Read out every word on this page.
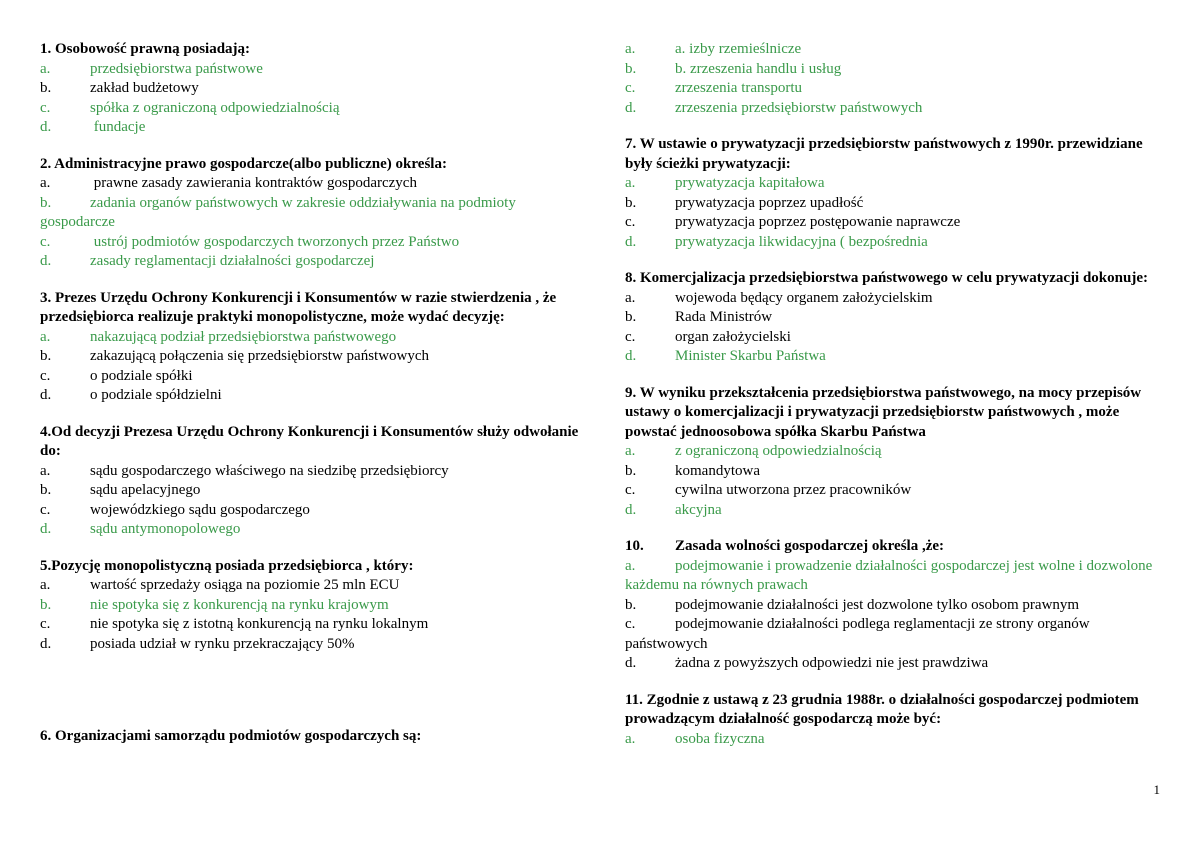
1. Osobowość prawną posiadają:
a.	przedsiębiorstwa państwowe
b.	zakład budżetowy
c.	spółka z ograniczoną odpowiedzialnością
d.	fundacje
2. Administracyjne prawo gospodarcze(albo publiczne) określa:
a.	prawne zasady zawierania kontraktów gospodarczych
b.	zadania organów państwowych w zakresie oddziaływania na podmioty gospodarcze
c.	ustrój podmiotów gospodarczych tworzonych przez Państwo
d.	zasady reglamentacji działalności gospodarczej
3. Prezes Urzędu Ochrony Konkurencji i Konsumentów w razie stwierdzenia , że przedsiębiorca realizuje praktyki monopolistyczne, może wydać decyzję:
a.	nakazującą podział przedsiębiorstwa państwowego
b.	zakazującą połączenia się przedsiębiorstw państwowych
c.	o podziale spółki
d.	o podziale spółdzielni
4.Od decyzji Prezesa Urzędu Ochrony Konkurencji i Konsumentów służy odwołanie do:
a.	sądu gospodarczego właściwego na siedzibę przedsiębiorcy
b.	sądu apelacyjnego
c.	wojewódzkiego sądu gospodarczego
d.	sądu antymonopolowego
5.Pozycję monopolistyczną posiada przedsiębiorca , który:
a.	wartość sprzedaży osiąga na poziomie 25 mln ECU
b.	nie spotyka się z konkurencją na rynku krajowym
c.	nie spotyka się z istotną konkurencją na rynku lokalnym
d.	posiada udział w rynku przekraczający 50%
6. Organizacjami samorządu podmiotów gospodarczych są:
a.	a. izby rzemieślnicze
b.	b. zrzeszenia handlu i usług
c.	zrzeszenia transportu
d.	zrzeszenia przedsiębiorstw państwowych
7. W ustawie o prywatyzacji przedsiębiorstw państwowych z 1990r. przewidziane były ścieżki prywatyzacji:
a.	prywatyzacja kapitałowa
b.	prywatyzacja poprzez upadłość
c.	prywatyzacja poprzez postępowanie naprawcze
d.	prywatyzacja likwidacyjna ( bezpośrednia
8. Komercjalizacja przedsiębiorstwa państwowego w celu prywatyzacji dokonuje:
a.	wojewoda będący organem założycielskim
b.	Rada Ministrów
c.	organ założycielski
d.	Minister Skarbu Państwa
9. W wyniku przekształcenia przedsiębiorstwa państwowego, na mocy przepisów ustawy o komercjalizacji i prywatyzacji przedsiębiorstw państwowych , może powstać jednoosobowa spółka Skarbu Państwa
a.	z ograniczoną odpowiedzialnością
b.	komandytowa
c.	cywilna utworzona przez pracowników
d.	akcyjna
10. Zasada wolności gospodarczej określa ,że:
a.	podejmowanie i prowadzenie działalności gospodarczej jest wolne i dozwolone każdemu na równych prawach
b.	podejmowanie działalności jest dozwolone tylko osobom prawnym
c.	podejmowanie działalności podlega reglamentacji ze strony organów państwowych
d.	żadna z powyższych odpowiedzi nie jest prawdziwa
11. Zgodnie z ustawą z 23 grudnia 1988r. o działalności gospodarczej podmiotem prowadzącym działalność gospodarczą może być:
a.	osoba fizyczna
1
